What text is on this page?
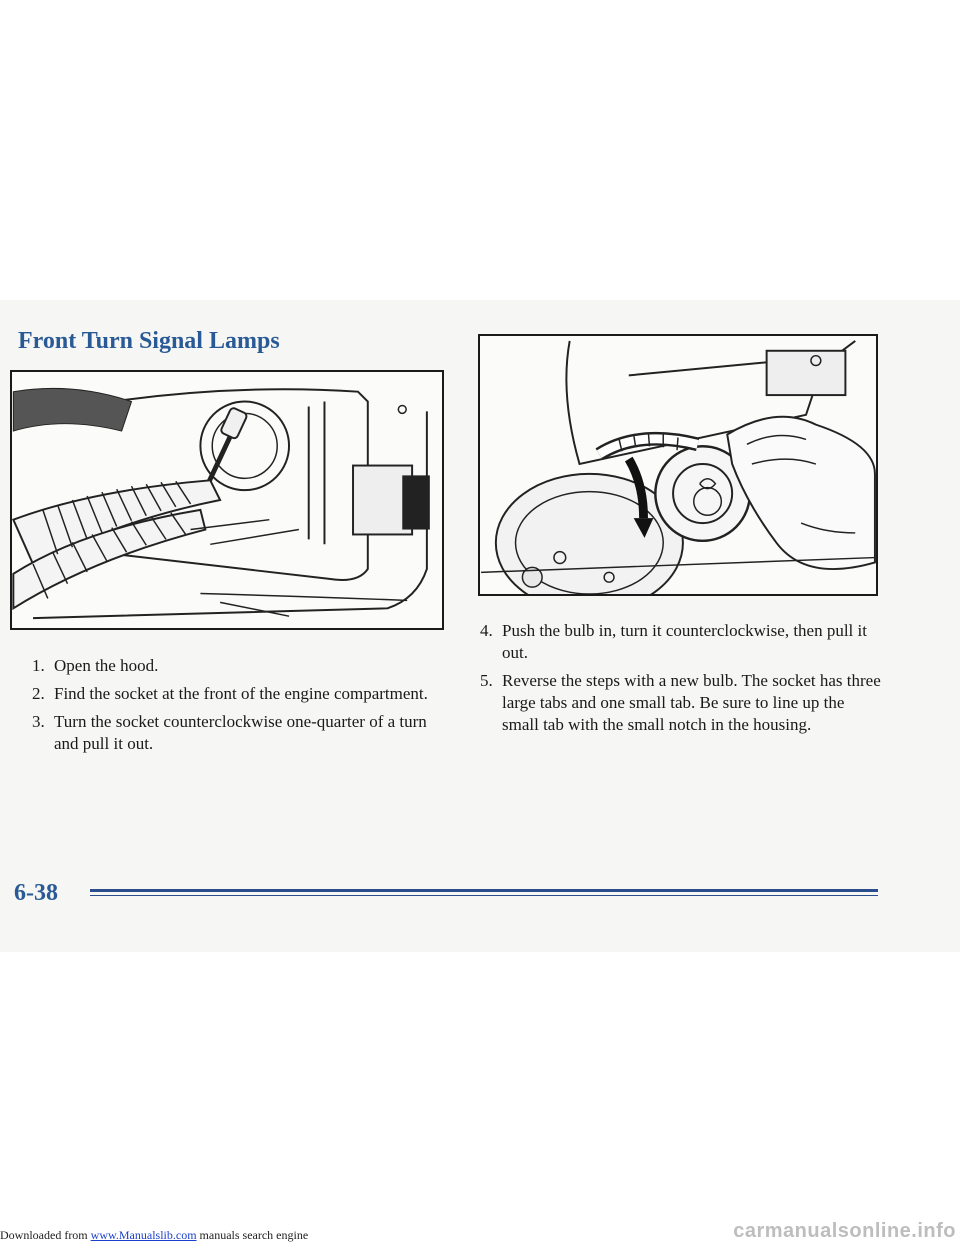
Front Turn Signal Lamps
1. Open the hood.
2. Find the socket at the front of the engine compartment.
3. Turn the socket counterclockwise one-quarter of a turn and pull it out.
4. Push the bulb in, turn it counterclockwise, then pull it out.
5. Reverse the steps with a new bulb. The socket has three large tabs and one small tab. Be sure to line up the small tab with the small notch in the housing.
6-38
Downloaded from www.Manualslib.com manuals search engine	carmanualsonline.info
